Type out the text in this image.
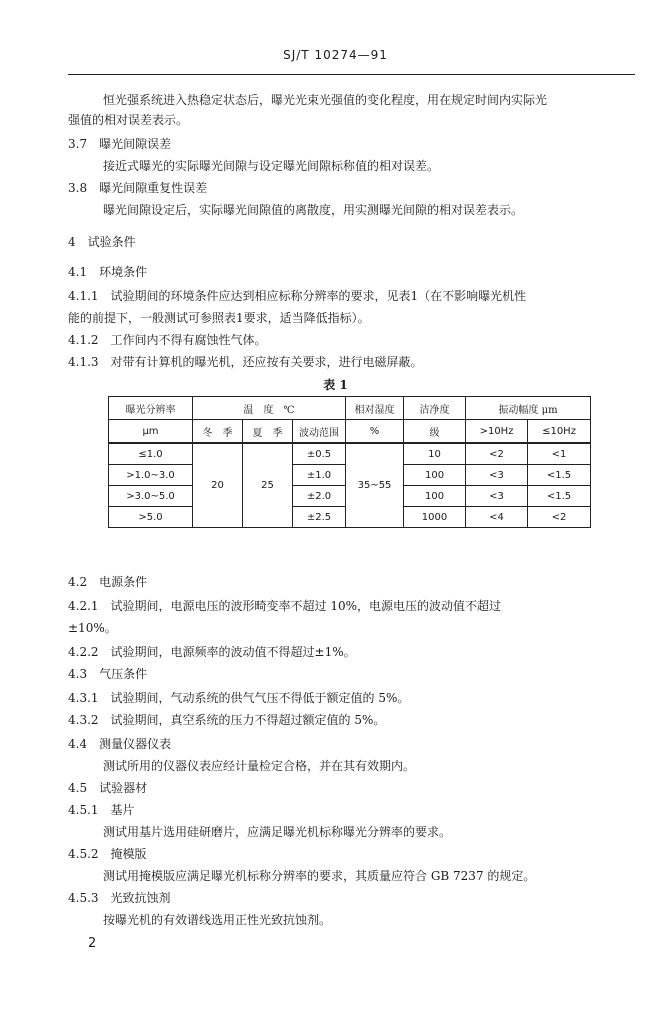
SJ/T 10274—91
恒光强系统进入热稳定状态后，曝光光束光强值的变化程度，用在规定时间内实际光
强值的相对误差表示。
3.7　曝光间隙误差
接近式曝光的实际曝光间隙与设定曝光间隙标称值的相对误差。
3.8　曝光间隙重复性误差
曝光间隙设定后，实际曝光间隙值的离散度，用实测曝光间隙的相对误差表示。
4　试验条件
4.1　环境条件
4.1.1　试验期间的环境条件应达到相应标称分辨率的要求，见表1（在不影响曝光机性
能的前提下，一般测试可参照表1要求，适当降低指标）。
4.1.2　工作间内不得有腐蚀性气体。
4.1.3　对带有计算机的曝光机，还应按有关要求，进行电磁屏蔽。
表 1
曝光分辨率	温　度　℃			相对湿度	洁净度	振动幅度 μm	
μm	冬　季	夏　季	波动范围	%	级	>10Hz	≤10Hz
≤1.0	20	25	±0.5	35~55	10	<2	<1
>1.0~3.0			±1.0		100	<3	<1.5
>3.0~5.0			±2.0		100	<3	<1.5
>5.0			±2.5		1000	<4	<2
4.2　电源条件
4.2.1　试验期间，电源电压的波形畸变率不超过 10%，电源电压的波动值不超过
±10%。
4.2.2　试验期间，电源频率的波动值不得超过±1%。
4.3　气压条件
4.3.1　试验期间，气动系统的供气气压不得低于额定值的 5%。
4.3.2　试验期间，真空系统的压力不得超过额定值的 5%。
4.4　测量仪器仪表
测试所用的仪器仪表应经计量检定合格，并在其有效期内。
4.5　试验器材
4.5.1　基片
测试用基片选用硅研磨片，应满足曝光机标称曝光分辨率的要求。
4.5.2　掩模版
测试用掩模版应满足曝光机标称分辨率的要求，其质量应符合 GB 7237 的规定。
4.5.3　光致抗蚀剂
按曝光机的有效谱线选用正性光致抗蚀剂。
2
